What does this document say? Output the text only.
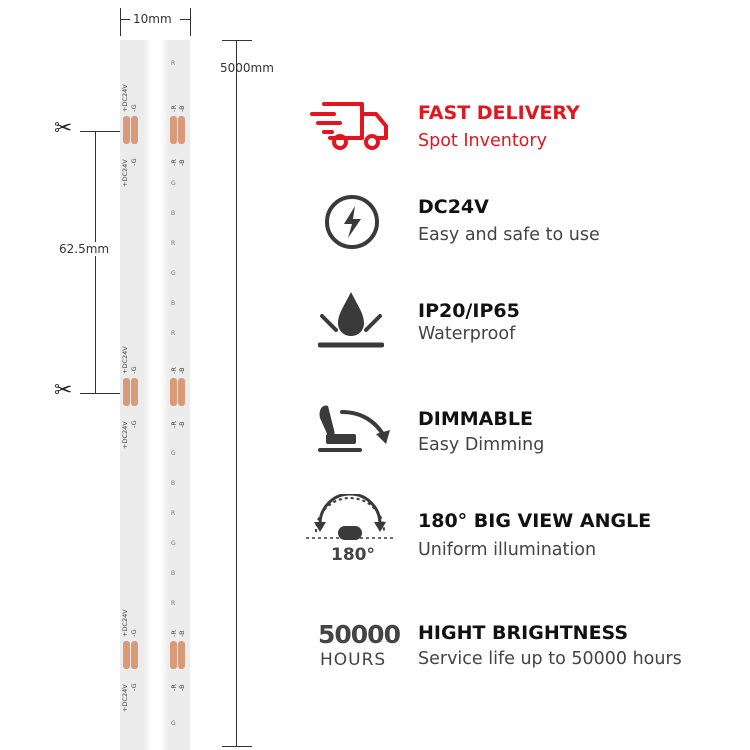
10mm
5000mm
62.5mm
✂
✂
+DC24V -G	-R -B
+DC24V -G	-R -B
+DC24V -G	-R -B
+DC24V -G	-R -B
+DC24V -G	-R -B
+DC24V -G	-R -B
R
G
B
R
G
B
R
G
B
R
G
B
R
G
FAST DELIVERY
Spot Inventory
DC24V
Easy and safe to use
IP20/IP65
Waterproof
DIMMABLE
Easy Dimming
180°
180° BIG VIEW ANGLE
Uniform illumination
50000
HOURS
HIGHT BRIGHTNESS
Service life up to 50000 hours
